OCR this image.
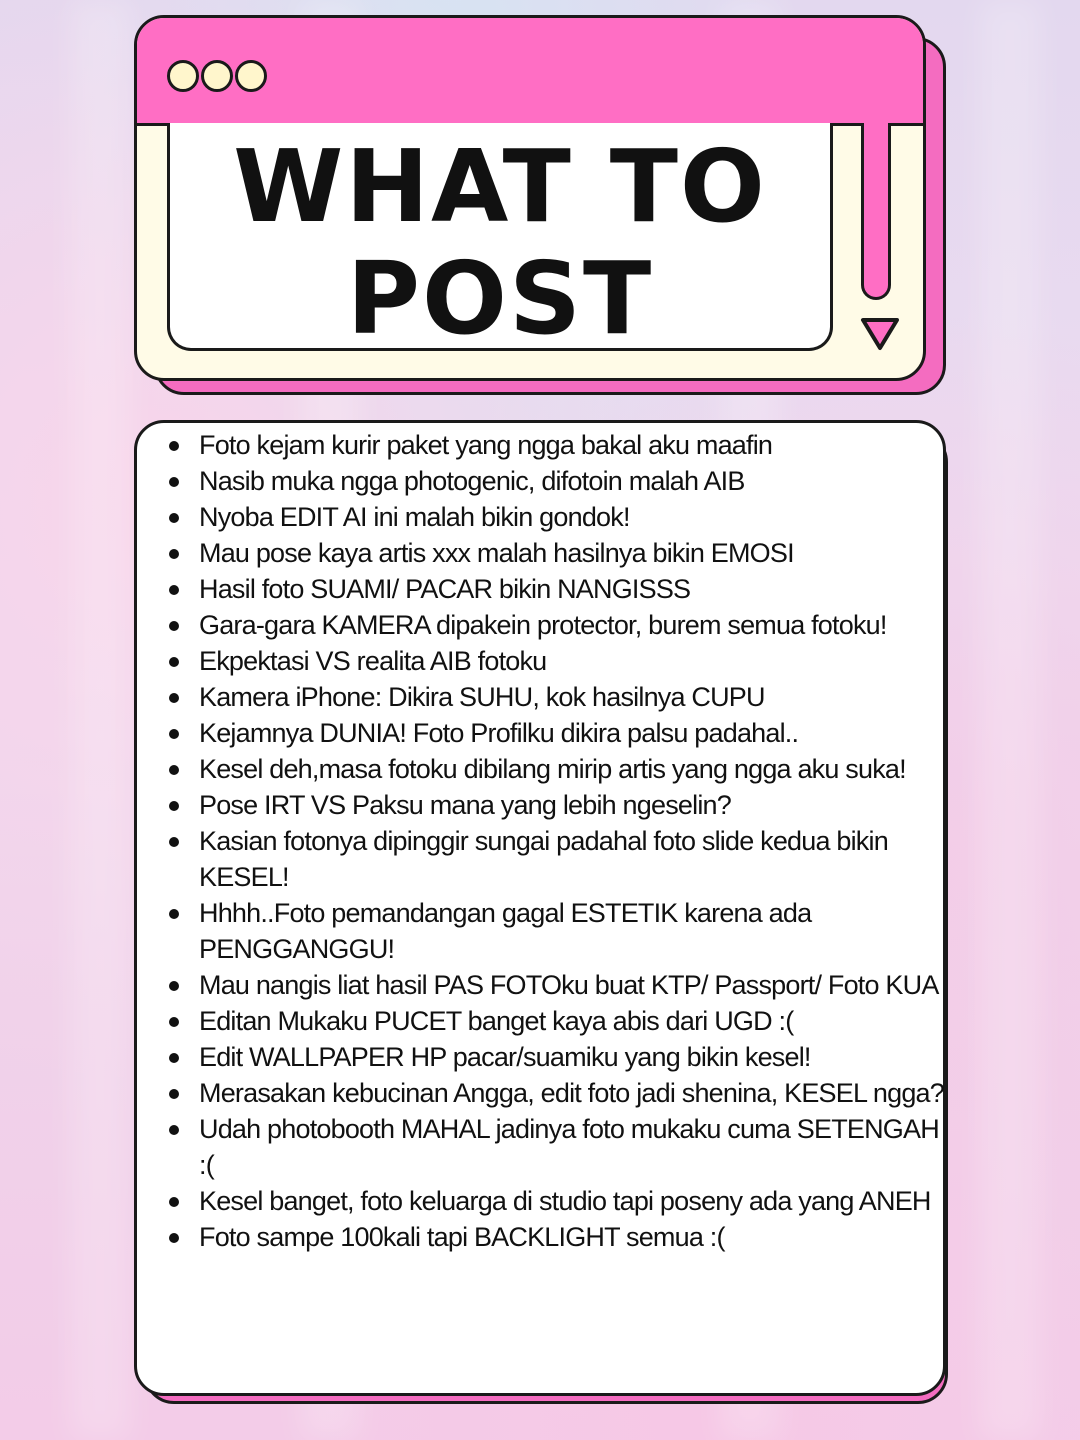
WHAT TO
POST
Foto kejam kurir paket yang ngga bakal aku maafin
Nasib muka ngga photogenic, difotoin malah AIB
Nyoba EDIT AI ini malah bikin gondok!
Mau pose kaya artis xxx malah hasilnya bikin EMOSI
Hasil foto SUAMI/ PACAR bikin NANGISSS
Gara-gara KAMERA dipakein protector, burem semua fotoku!
Ekpektasi VS realita AIB fotoku
Kamera iPhone: Dikira SUHU, kok hasilnya CUPU
Kejamnya DUNIA! Foto Profilku dikira palsu padahal..
Kesel deh,masa fotoku dibilang mirip artis yang ngga aku suka!
Pose IRT VS Paksu mana yang lebih ngeselin?
Kasian fotonya dipinggir sungai padahal foto slide kedua bikin KESEL!
Hhhh..Foto pemandangan gagal ESTETIK karena ada PENGGANGGU!
Mau nangis liat hasil PAS FOTOku buat KTP/ Passport/ Foto KUA
Editan Mukaku PUCET banget kaya abis dari UGD :(
Edit WALLPAPER HP pacar/suamiku yang bikin kesel!
Merasakan kebucinan Angga, edit foto jadi shenina, KESEL ngga?
Udah photobooth MAHAL jadinya foto mukaku cuma SETENGAH :(
Kesel banget, foto keluarga di studio tapi poseny ada yang ANEH
Foto sampe 100kali tapi BACKLIGHT semua :(
